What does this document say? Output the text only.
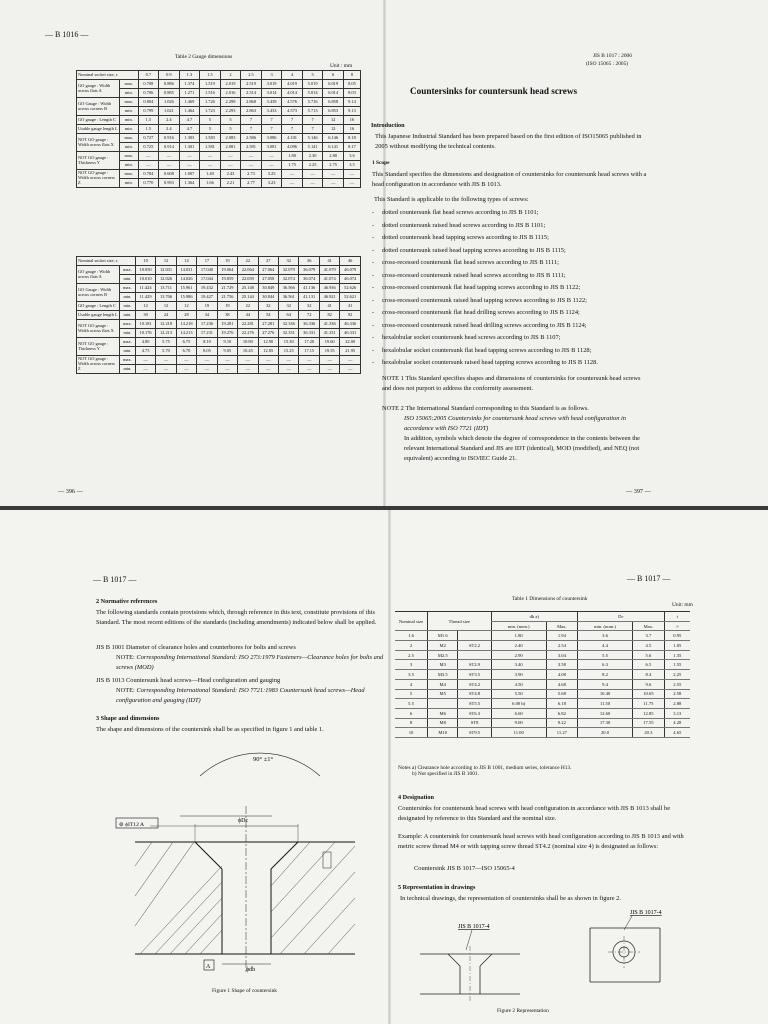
— B 1016 —
Table 2 Gauge dimensions
Unit : mm
Nominal socket size, s		0.7	0.9	1.3	1.5	2	2.5	3	4	5	6	8
GO gauge : Width across flats A	max.	0.708	0.886	1.374	1.519	2.019	2.519	3.019	4.019	5.019	6.019	8.05
	min.	0.706	0.885	1.271	1.516	2.016	2.514	3.014	4.014	5.014	6.014	8.03
GO Gauge : Width across corners B	max.	0.804	1.026	1.469	1.726	2.298	2.868	3.439	4.576	5.716	6.858	9.14
	min.	0.799	1.021	1.464	1.723	2.293	2.863	3.433	4.573	5.713	6.853	9.13
GO gauge : Length C	min.	1.5	2.4	4.7	5	5	7	7	7	7	12	16
Usable gauge length L	min.	1.5	2.4	4.7	5	5	7	7	7	7	12	16
NOT GO gauge : Width across flats X	max.	0.727	0.916	1.303	1.583	2.083	2.586	3.086	4.101	5.146	6.146	8.18
	min.	0.725	0.914	1.301	1.581	2.081	2.581	3.081	4.096	5.141	6.141	8.17
NOT GO gauge : Thickness Y	max.	—	—	—	—	—	—	—	1.80	2.30	2.80	3.6
	min.	—	—	—	—	—	—	—	1.75	2.25	2.75	3.5
NOT GO gauge : Width across corners Z	max.	0.784	0.608	1.007	1.40	2.43	2.73	3.25	—	—	—	—
	min.	0.770	0.993	1.364	1.66	2.21	2.77	3.23	—	—	—	—
Nominal socket size, s		10	12	14	17	19	22	27	32	36	41	46
GO gauge : Width across flats A	max.	10.050	12.031	14.031	17.040	19.064	22.064	27.064	32.079	36.079	41.079	46.079
	min.	10.010	12.026	14.026	17.044	19.059	22.059	27.058	32.074	36.074	41.074	46.074
GO Gauge : Width across corners B	max.	11.424	13.711	15.961	19.432	21.729	25.148	30.849	36.566	41.136	46.936	52.626
	min.	11.429	13.706	15.986	19.427	21.756	25.144	30.844	36.561	41.131	46.921	52.621
GO gauge : Length C	min.	12	12	12	19	19	22	32	32	32	41	41
Usable gauge length L	min.	30	24	28	34	38	44	54	64	72	82	92
NOT GO gauge : Width across flats X	max.	10.181	12.218	14.218	17.236	19.281	22.281	27.281	32.336	36.336	41.336	46.336
	min.	10.176	12.213	14.213	17.231	19.276	22.276	27.276	32.331	36.331	41.331	46.331
NOT GO gauge : Thickness Y	max.	4.80	5.75	6.75	8.10	9.10	10.80	12.90	15.30	17.20	19.60	22.00
	min.	4.75	5.70	6.70	8.05	9.05	10.45	12.85	15.25	17.15	19.55	21.95
NOT GO gauge : Width across corners Z	max.	—	—	—	—	—	—	—	—	—	—	—
	min.	—	—	—	—	—	—	—	—	—	—	—
— 396 —
JIS B 1017 : 2006
(ISO 15065 : 2005)
Countersinks for countersunk head screws
Introduction
This Japanese Industrial Standard has been prepared based on the first edition of ISO15065 published in 2005 without modifying the technical contents.
1 Scope
This Standard specifies the dimensions and designation of countersinks for countersunk head screws with a head configuration in accordance with JIS B 1013.
This Standard is applicable to the following types of screws:
- dotted countersunk flat head screws according to JIS B 1101;
- dotted countersunk raised head screws according to JIS B 1101;
- dotted countersunk head tapping screws according to JIS B 1115;
- dotted countersunk raised head tapping screws according to JIS B 1115;
- cross-recessed countersunk flat head screws according to JIS B 1111;
- cross-recessed countersunk raised head screws according to JIS B 1111;
- cross-recessed countersunk flat head tapping screws according to JIS B 1122;
- cross-recessed countersunk raised head tapping screws according to JIS B 1122;
- cross-recessed countersunk flat head drilling screws according to JIS B 1124;
- cross-recessed countersunk raised head drilling screws according to JIS B 1124;
- hexalobular socket countersunk head screws according to JIS B 1107;
- hexalobular socket countersunk flat head tapping screws according to JIS B 1128;
- hexalobular socket countersunk raised head tapping screws according to JIS B 1128.
NOTE 1 This Standard specifies shapes and dimensions of countersinks for countersunk head screws and does not purport to address the conformity assessment.
NOTE 2 The International Standard corresponding to this Standard is as follows.
ISO 15065:2005 Countersinks for countersunk head screws with head configuration in accordance with ISO 7721 (IDT)
In addition, symbols which denote the degree of correspondence in the contents between the relevant International Standard and JIS are IDT (identical), MOD (modified), and NEQ (not equivalent) according to ISO/IEC Guide 21.
— 397 —
— B 1017 —
2 Normative references
The following standards contain provisions which, through reference in this text, constitute provisions of this Standard. The most recent editions of the standards (including amendments) indicated below shall be applied.
JIS B 1001 Diameter of clearance holes and counterbores for bolts and screws
NOTE: Corresponding International Standard: ISO 273:1979 Fasteners—Clearance holes for bolts and screws (MOD)
JIS B 1013 Countersunk head screws—Head configuration and gauging
NOTE: Corresponding International Standard: ISO 7721:1983 Countersunk head screws—Head configuration and gauging (IDT)
3 Shape and dimensions
The shape and dimensions of the countersink shall be as specified in figure 1 and table 1.
90° ±1°
ϕDc
⊚ ϕIT12 A
ϕdh
A
Figure 1 Shape of countersink
— B 1017 —
Table 1 Dimensions of countersink
Unit: mm
Nominal size	Thread size		dh a)		Dc		t
			min. (nom.)	Max.	min. (nom.)	Max.	≈
1.6	M1.6		1.80	1.94	3.6	3.7	0.95
2	M2	ST2.2	2.40	2.54	4.4	4.5	1.05
2.5	M2.5		2.90	3.04	5.5	5.6	1.35
3	M3	ST2.9	3.40	3.58	6.3	6.5	1.55
3.5	M3.5	ST3.5	3.90	4.08	8.2	8.4	2.25
4	M4	ST4.2	4.50	4.68	9.4	9.6	2.55
5	M5	ST4.8	5.50	5.68	10.40	10.65	2.58
5.5		ST5.5	6.00 b)	6.18	11.50	11.75	2.88
6	M6	ST6.3	6.60	6.82	12.60	12.85	3.13
8	M8	ST8	9.00	9.22	17.30	17.55	4.28
10	M10	ST9.5	11.00	11.27	20.0	20.3	4.65
Notes a) Clearance hole according to JIS B 1001, medium series, tolerance H13.
b) Not specified in JIS B 1001.
4 Designation
Countersinks for countersunk head screws with head configuration in accordance with JIS B 1013 shall be designated by reference to this Standard and the nominal size.
Example: A countersink for countersunk head screws with head configuration according to JIS B 1013 and with metric screw thread M4 or with tapping screw thread ST4.2 (nominal size 4) is designated as follows:
Countersink JIS B 1017—ISO 15065-4
5 Representation in drawings
In technical drawings, the representation of countersinks shall be as shown in figure 2.
JIS B 1017-4
JIS B 1017-4
Figure 2 Representation
